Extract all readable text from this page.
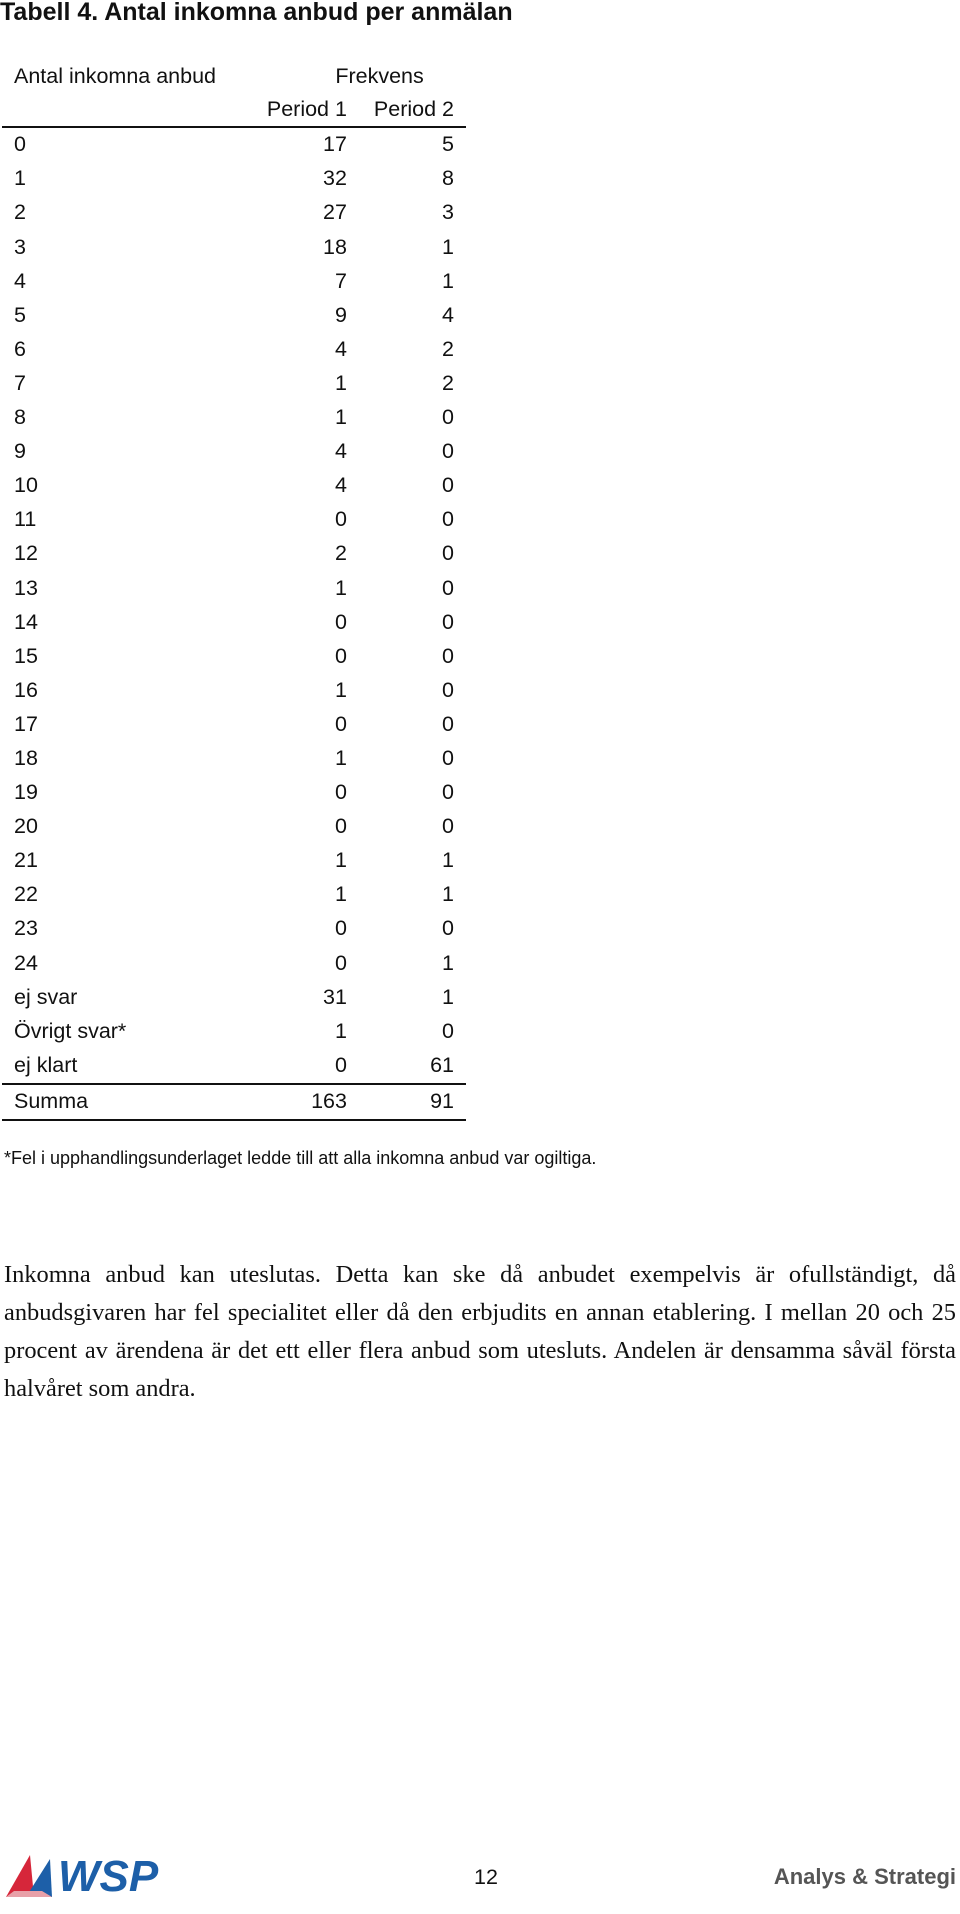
Tabell 4. Antal inkomna anbud per anmälan
Antal inkomna anbud	Frekvens	
	Period 1	Period 2
0	17	5
1	32	8
2	27	3
3	18	1
4	7	1
5	9	4
6	4	2
7	1	2
8	1	0
9	4	0
10	4	0
11	0	0
12	2	0
13	1	0
14	0	0
15	0	0
16	1	0
17	0	0
18	1	0
19	0	0
20	0	0
21	1	1
22	1	1
23	0	0
24	0	1
ej svar	31	1
Övrigt svar*	1	0
ej klart	0	61
Summa	163	91
*Fel i upphandlingsunderlaget ledde till att alla inkomna anbud var ogiltiga.

Inkomna anbud kan uteslutas. Detta kan ske då anbudet exempelvis är ofullständigt, då anbudsgivaren har fel specialitet eller då den erbjudits en annan etablering. I mellan 20 och 25 procent av ärendena är det ett eller flera anbud som utesluts. Andelen är densamma såväl första halvåret som andra.

WSP	12	Analys & Strategi
